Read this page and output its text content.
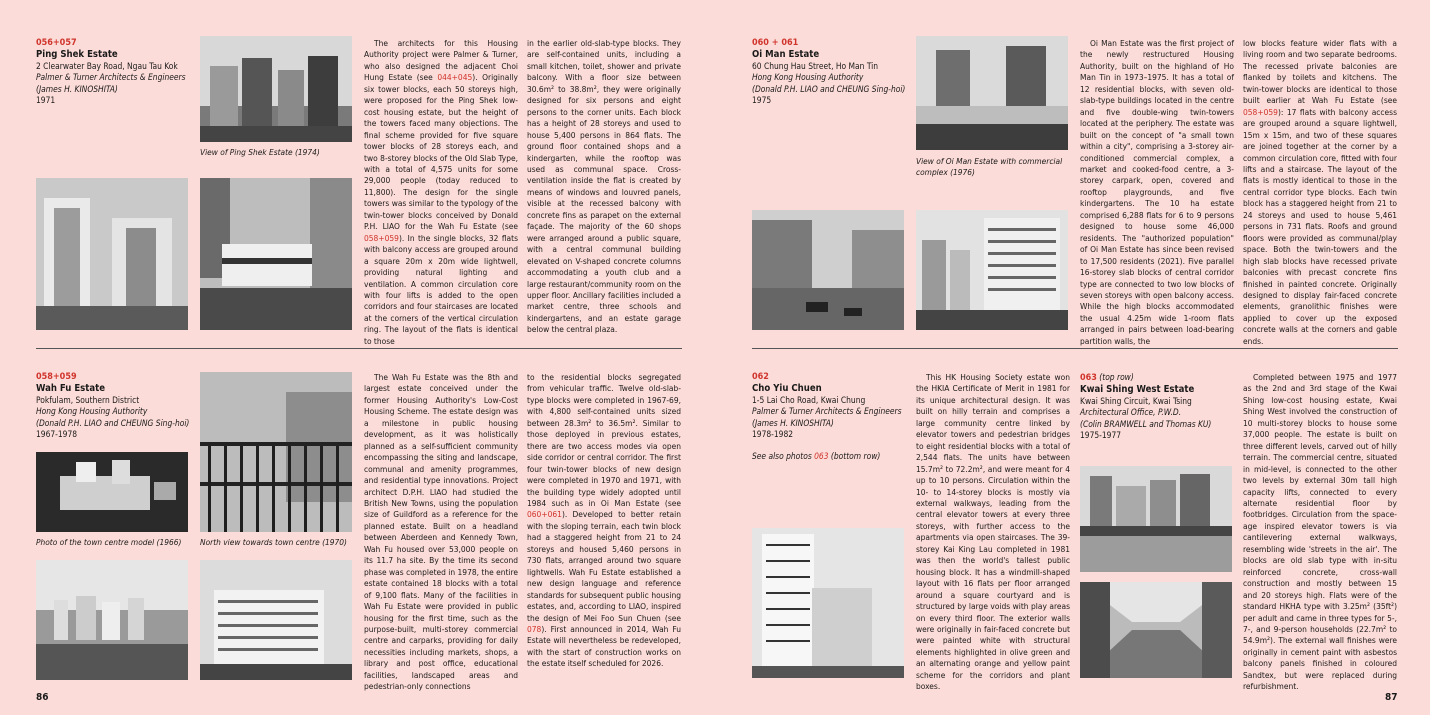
056+057
Ping Shek Estate
2 Clearwater Bay Road, Ngau Tau Kok
Palmer & Turner Architects & Engineers
(James H. KINOSHITA)
1971
View of Ping Shek Estate (1974)

The architects for this Housing Authority project were Palmer & Turner, who also designed the adjacent Choi Hung Estate (see 044+045). Originally six tower blocks, each 50 storeys high, were proposed for the Ping Shek low-cost housing estate, but the height of the towers faced many objections. The final scheme provided for five square tower blocks of 28 storeys each, and two 8-storey blocks of the Old Slab Type, with a total of 4,575 units for some 29,000 people (today reduced to 11,800). The design for the single towers was similar to the typology of the twin-tower blocks conceived by Donald P.H. LIAO for the Wah Fu Estate (see 058+059). In the single blocks, 32 flats with balcony access are grouped around a square 20m x 20m wide lightwell, providing natural lighting and ventilation. A common circulation core with four lifts is added to the open corridors and four staircases are located at the corners of the vertical circulation ring. The layout of the flats is identical to those

in the earlier old-slab-type blocks. They are self-contained units, including a small kitchen, toilet, shower and private balcony. With a floor size between 30.6m² to 38.8m², they were originally designed for six persons and eight persons to the corner units. Each block has a height of 28 storeys and used to house 5,400 persons in 864 flats. The ground floor contained shops and a kindergarten, while the rooftop was used as communal space. Cross-ventilation inside the flat is created by means of windows and louvred panels, visible at the recessed balcony with concrete fins as parapet on the external façade. The majority of the 60 shops were arranged around a public square, with a central communal building elevated on V-shaped concrete columns accommodating a youth club and a large restaurant/community room on the upper floor. Ancillary facilities included a market centre, three schools and kindergartens, and an estate garage below the central plaza.
058+059
Wah Fu Estate
Pokfulam, Southern District
Hong Kong Housing Authority
(Donald P.H. LIAO and CHEUNG Sing-hoi)
1967-1978
Photo of the town centre model (1966)	North view towards town centre (1970)

The Wah Fu Estate was the 8th and largest estate conceived under the former Housing Authority's Low-Cost Housing Scheme. The estate design was a milestone in public housing development, as it was holistically planned as a self-sufficient community encompassing the siting and landscape, communal and amenity programmes, and residential type innovations. Project architect D.P.H. LIAO had studied the British New Towns, using the population size of Guildford as a reference for the planned estate. Built on a headland between Aberdeen and Kennedy Town, Wah Fu housed over 53,000 people on its 11.7 ha site. By the time its second phase was completed in 1978, the entire estate contained 18 blocks with a total of 9,100 flats. Many of the facilities in Wah Fu Estate were provided in public housing for the first time, such as the purpose-built, multi-storey commercial centre and carparks, providing for daily necessities including markets, shops, a library and post office, educational facilities, landscaped areas and pedestrian-only connections

to the residential blocks segregated from vehicular traffic. Twelve old-slab-type blocks were completed in 1967-69, with 4,800 self-contained units sized between 28.3m² to 36.5m². Similar to those deployed in previous estates, there are two access modes via open side corridor or central corridor. The first four twin-tower blocks of new design were completed in 1970 and 1971, with the building type widely adopted until 1984 such as in Oi Man Estate (see 060+061). Developed to better retain with the sloping terrain, each twin block had a staggered height from 21 to 24 storeys and housed 5,460 persons in 730 flats, arranged around two square lightwells. Wah Fu Estate established a new design language and reference standards for subsequent public housing estates, and, according to LIAO, inspired the design of Mei Foo Sun Chuen (see 078). First announced in 2014, Wah Fu Estate will nevertheless be redeveloped, with the start of construction works on the estate itself scheduled for 2026.
86
060 + 061
Oi Man Estate
60 Chung Hau Street, Ho Man Tin
Hong Kong Housing Authority
(Donald P.H. LIAO and CHEUNG Sing-hoi)
1975
View of Oi Man Estate with commercial complex (1976)

Oi Man Estate was the first project of the newly restructured Housing Authority, built on the highland of Ho Man Tin in 1973–1975. It has a total of 12 residential blocks, with seven old-slab-type buildings located in the centre and five double-wing twin-towers located at the periphery. The estate was built on the concept of "a small town within a city", comprising a 3-storey air-conditioned commercial complex, a market and cooked-food centre, a 3-storey carpark, open, covered and rooftop playgrounds, and five kindergartens. The 10 ha estate comprised 6,288 flats for 6 to 9 persons designed to house some 46,000 residents. The "authorized population" of Oi Man Estate has since been revised to 17,500 residents (2021). Five parallel 16-storey slab blocks of central corridor type are connected to two low blocks of seven storeys with open balcony access. While the high blocks accommodated the usual 4.25m wide 1-room flats arranged in pairs between load-bearing partition walls, the

low blocks feature wider flats with a living room and two separate bedrooms. The recessed private balconies are flanked by toilets and kitchens. The twin-tower blocks are identical to those built earlier at Wah Fu Estate (see 058+059): 17 flats with balcony access are grouped around a square lightwell, 15m x 15m, and two of these squares are joined together at the corner by a common circulation core, fitted with four lifts and a staircase. The layout of the flats is mostly identical to those in the central corridor type blocks. Each twin block has a staggered height from 21 to 24 storeys and used to house 5,461 persons in 731 flats. Roofs and ground floors were provided as communal/play space. Both the twin-towers and the high slab blocks have recessed private balconies with precast concrete fins finished in painted concrete. Originally designed to display fair-faced concrete elements, granolithic finishes were applied to cover up the exposed concrete walls at the corners and gable ends.
062
Cho Yiu Chuen
1-5 Lai Cho Road, Kwai Chung
Palmer & Turner Architects & Engineers
(James H. KINOSHITA)
1978-1982
See also photos 063 (bottom row)

This HK Housing Society estate won the HKIA Certificate of Merit in 1981 for its unique architectural design. It was built on hilly terrain and comprises a large community centre linked by elevator towers and pedestrian bridges to eight residential blocks with a total of 2,544 flats. The units have between 15.7m² to 72.2m², and were meant for 4 up to 10 persons. Circulation within the 10- to 14-storey blocks is mostly via external walkways, leading from the central elevator towers at every three storeys, with further access to the apartments via open staircases. The 39-storey Kai King Lau completed in 1981 was then the world's tallest public housing block. It has a windmill-shaped layout with 16 flats per floor arranged around a square courtyard and is structured by large voids with play areas on every third floor. The exterior walls were originally in fair-faced concrete but were painted white with structural elements highlighted in olive green and an alternating orange and yellow paint scheme for the corridors and plant boxes.

063 (top row)
Kwai Shing West Estate
Kwai Shing Circuit, Kwai Tsing
Architectural Office, P.W.D.
(Colin BRAMWELL and Thomas KU)
1975-1977

Completed between 1975 and 1977 as the 2nd and 3rd stage of the Kwai Shing low-cost housing estate, Kwai Shing West involved the construction of 10 multi-storey blocks to house some 37,000 people. The estate is built on three different levels, carved out of hilly terrain. The commercial centre, situated in mid-level, is connected to the other two levels by external 30m tall high capacity lifts, connected to every alternate residential floor by footbridges. Circulation from the space-age inspired elevator towers is via cantilevering external walkways, resembling wide 'streets in the air'. The blocks are old slab type with in-situ reinforced concrete, cross-wall construction and mostly between 15 and 20 storeys high. Flats were of the standard HKHA type with 3.25m² (35ft²) per adult and came in three types for 5-, 7-, and 9-person households (22.7m² to 54.9m²). The external wall finishes were originally in cement paint with asbestos balcony panels finished in coloured Sandtex, but were replaced during refurbishment.

87
